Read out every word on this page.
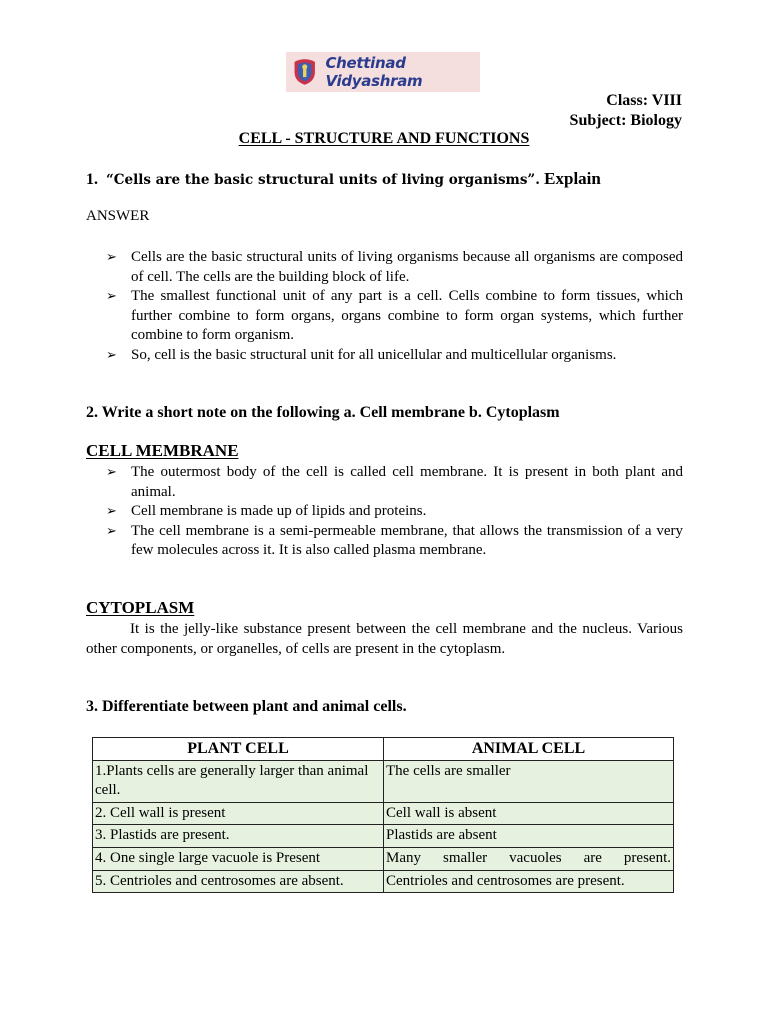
Chettinad Vidyashram
Class: VIII
Subject: Biology
CELL - STRUCTURE AND FUNCTIONS
1. “Cells are the basic structural units of living organisms”. Explain
ANSWER
➢ Cells are the basic structural units of living organisms because all organisms are composed of cell. The cells are the building block of life.
➢ The smallest functional unit of any part is a cell. Cells combine to form tissues, which further combine to form organs, organs combine to form organ systems, which further combine to form organism.
➢ So, cell is the basic structural unit for all unicellular and multicellular organisms.
2. Write a short note on the following a. Cell membrane b. Cytoplasm
CELL MEMBRANE
➢ The outermost body of the cell is called cell membrane. It is present in both plant and animal.
➢ Cell membrane is made up of lipids and proteins.
➢ The cell membrane is a semi-permeable membrane, that allows the transmission of a very few molecules across it. It is also called plasma membrane.
CYTOPLASM

It is the jelly-like substance present between the cell membrane and the nucleus. Various other components, or organelles, of cells are present in the cytoplasm.

3. Differentiate between plant and animal cells.
PLANT CELL	ANIMAL CELL
1.Plants cells are generally larger than animal cell.	The cells are smaller
2. Cell wall is present	Cell wall is absent
3. Plastids are present.	Plastids are absent
4. One single large vacuole is Present	Many smaller vacuoles are present.
5. Centrioles and centrosomes are absent.	Centrioles and centrosomes are present.
